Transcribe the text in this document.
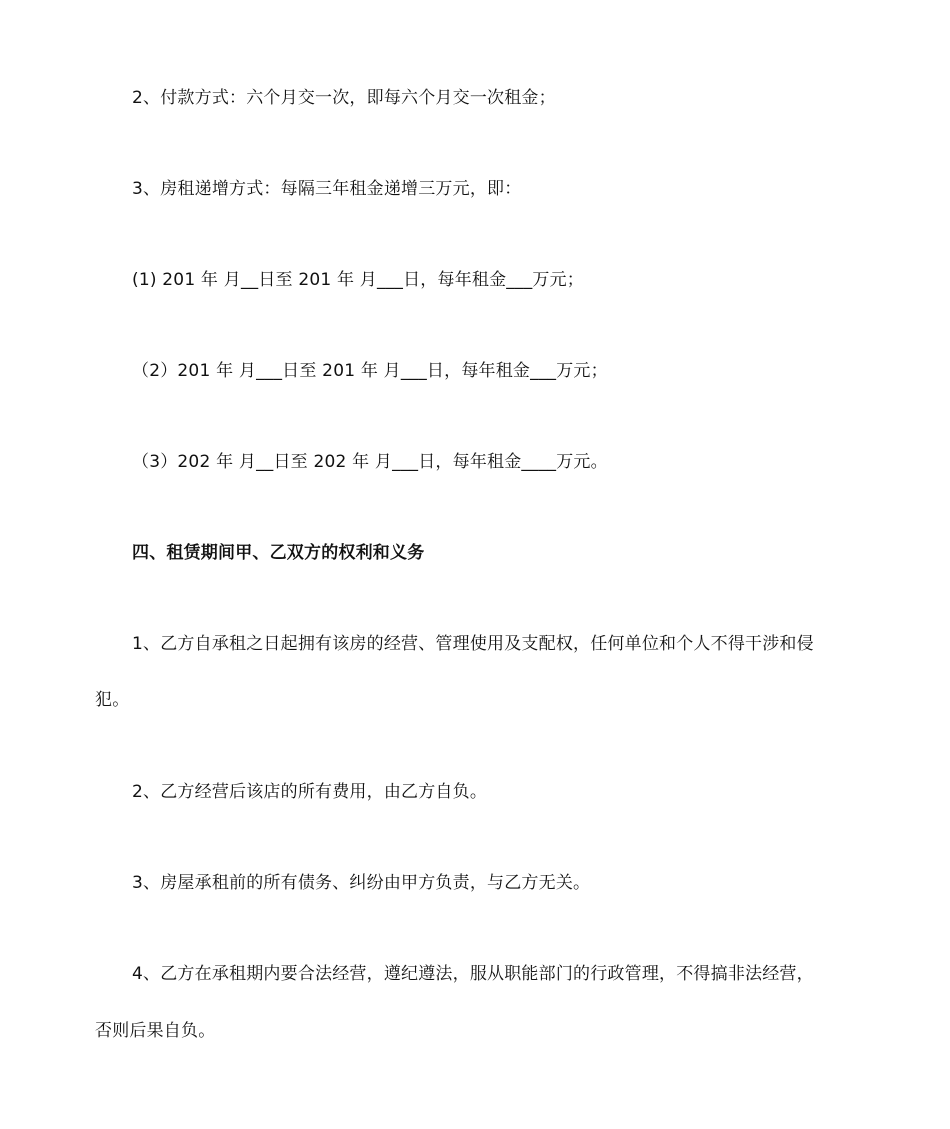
2、付款方式：六个月交一次，即每六个月交一次租金；
3、房租递增方式：每隔三年租金递增三万元，即：
(1) 201 年 月__日至 201 年 月___日，每年租金___万元；
（2）201 年 月___日至 201 年 月___日，每年租金___万元；
（3）202 年 月__日至 202 年 月___日，每年租金____万元。
四、租赁期间甲、乙双方的权利和义务
1、乙方自承租之日起拥有该房的经营、管理使用及支配权，任何单位和个人不得干涉和侵
犯。
2、乙方经营后该店的所有费用，由乙方自负。
3、房屋承租前的所有债务、纠纷由甲方负责，与乙方无关。
4、乙方在承租期内要合法经营，遵纪遵法，服从职能部门的行政管理，不得搞非法经营，
否则后果自负。
